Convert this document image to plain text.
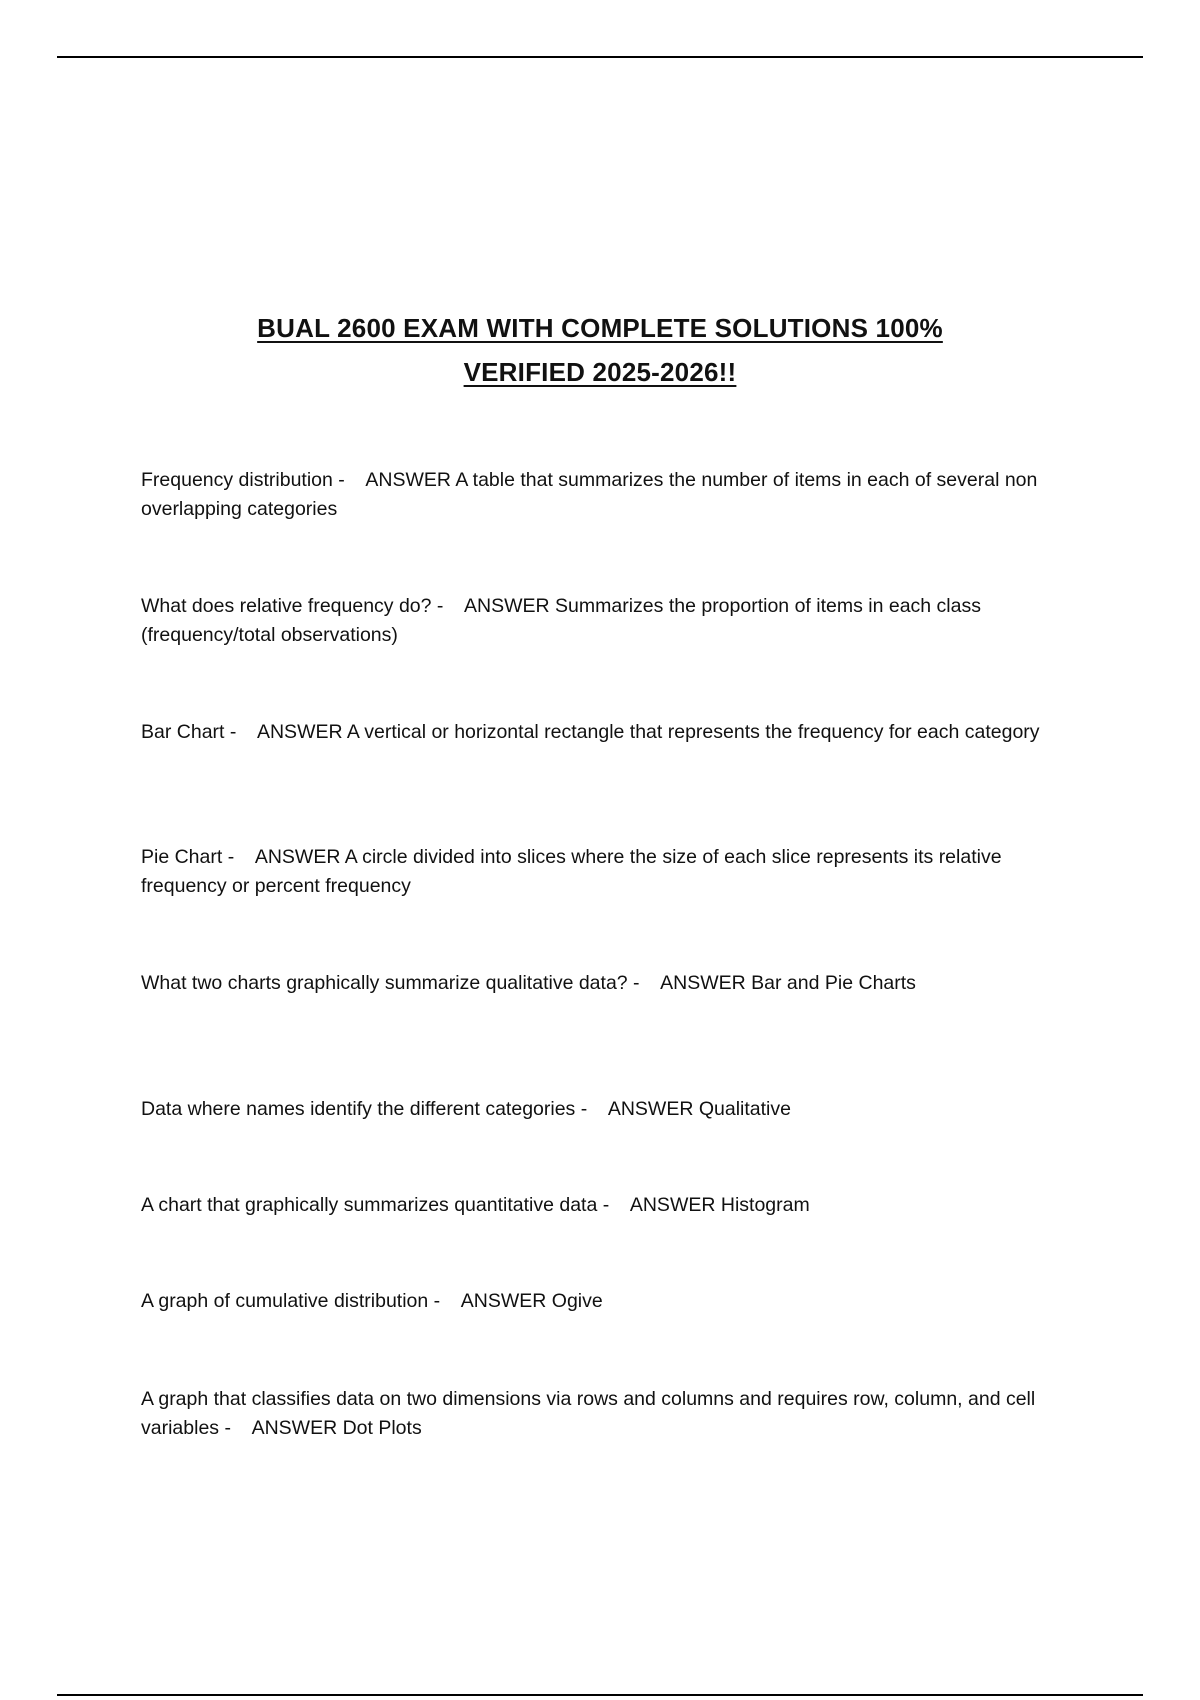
BUAL 2600 EXAM WITH COMPLETE SOLUTIONS 100%
VERIFIED 2025-2026!!

Frequency distribution - ANSWER A table that summarizes the number of items in each of several non overlapping categories

What does relative frequency do? - ANSWER Summarizes the proportion of items in each class (frequency/total observations)

Bar Chart - ANSWER A vertical or horizontal rectangle that represents the frequency for each category

Pie Chart - ANSWER A circle divided into slices where the size of each slice represents its relative frequency or percent frequency

What two charts graphically summarize qualitative data? - ANSWER Bar and Pie Charts

Data where names identify the different categories - ANSWER Qualitative

A chart that graphically summarizes quantitative data - ANSWER Histogram

A graph of cumulative distribution - ANSWER Ogive

A graph that classifies data on two dimensions via rows and columns and requires row, column, and cell variables - ANSWER Dot Plots
